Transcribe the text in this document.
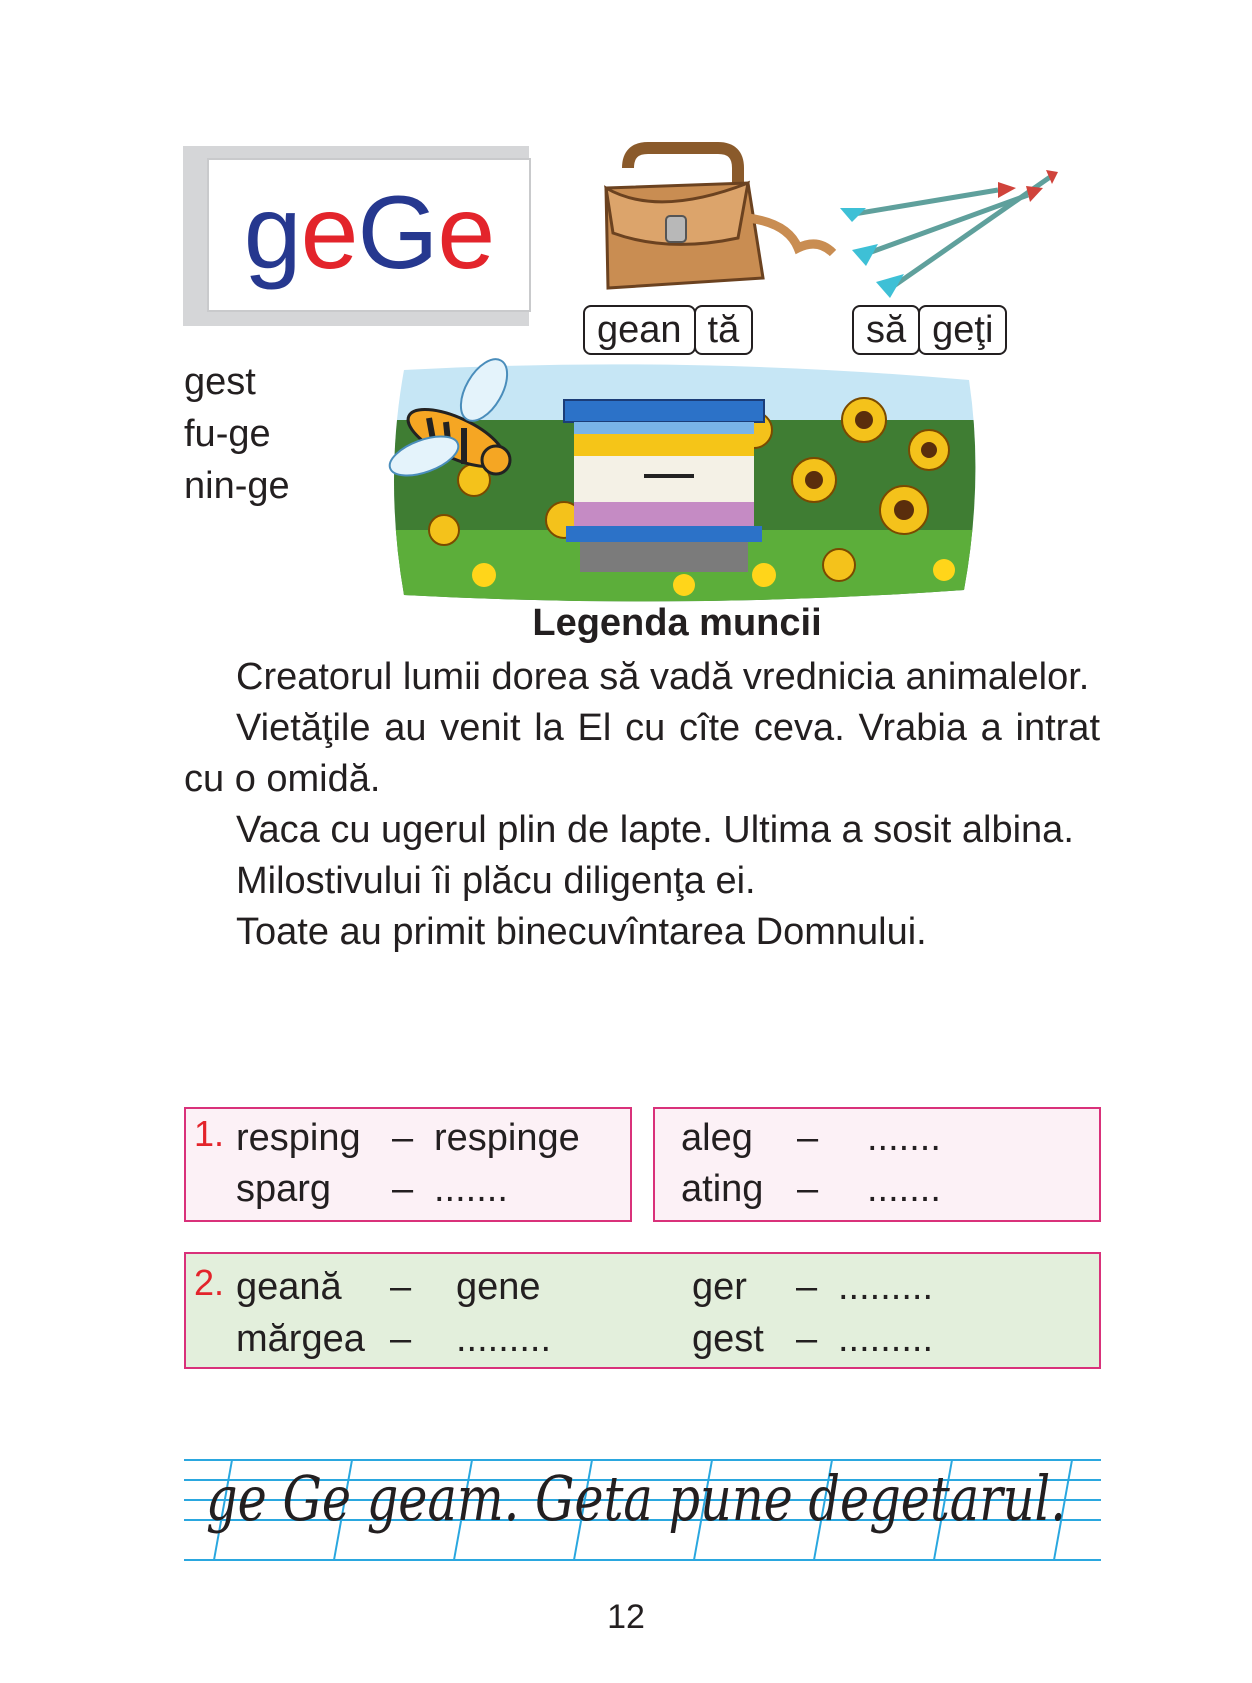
geGe
gean tă	să geţi
gest
fu-ge
nin-ge
Legenda muncii

Creatorul lumii dorea să vadă vrednicia animalelor.

Vietăţile au venit la El cu cîte ceva. Vrabia a intrat cu o omidă.

Vaca cu ugerul plin de lapte. Ultima a sosit albina.

Milostivului îi plăcu diligenţa ei.

Toate au primit binecuvîntarea Domnului.

1. resping – respinge
sparg – .......
aleg – .......
ating – .......
2. geană – gene
mărgea – .........
ger – .........
gest – .........
ge Ge geam. Geta pune degetarul.
12
